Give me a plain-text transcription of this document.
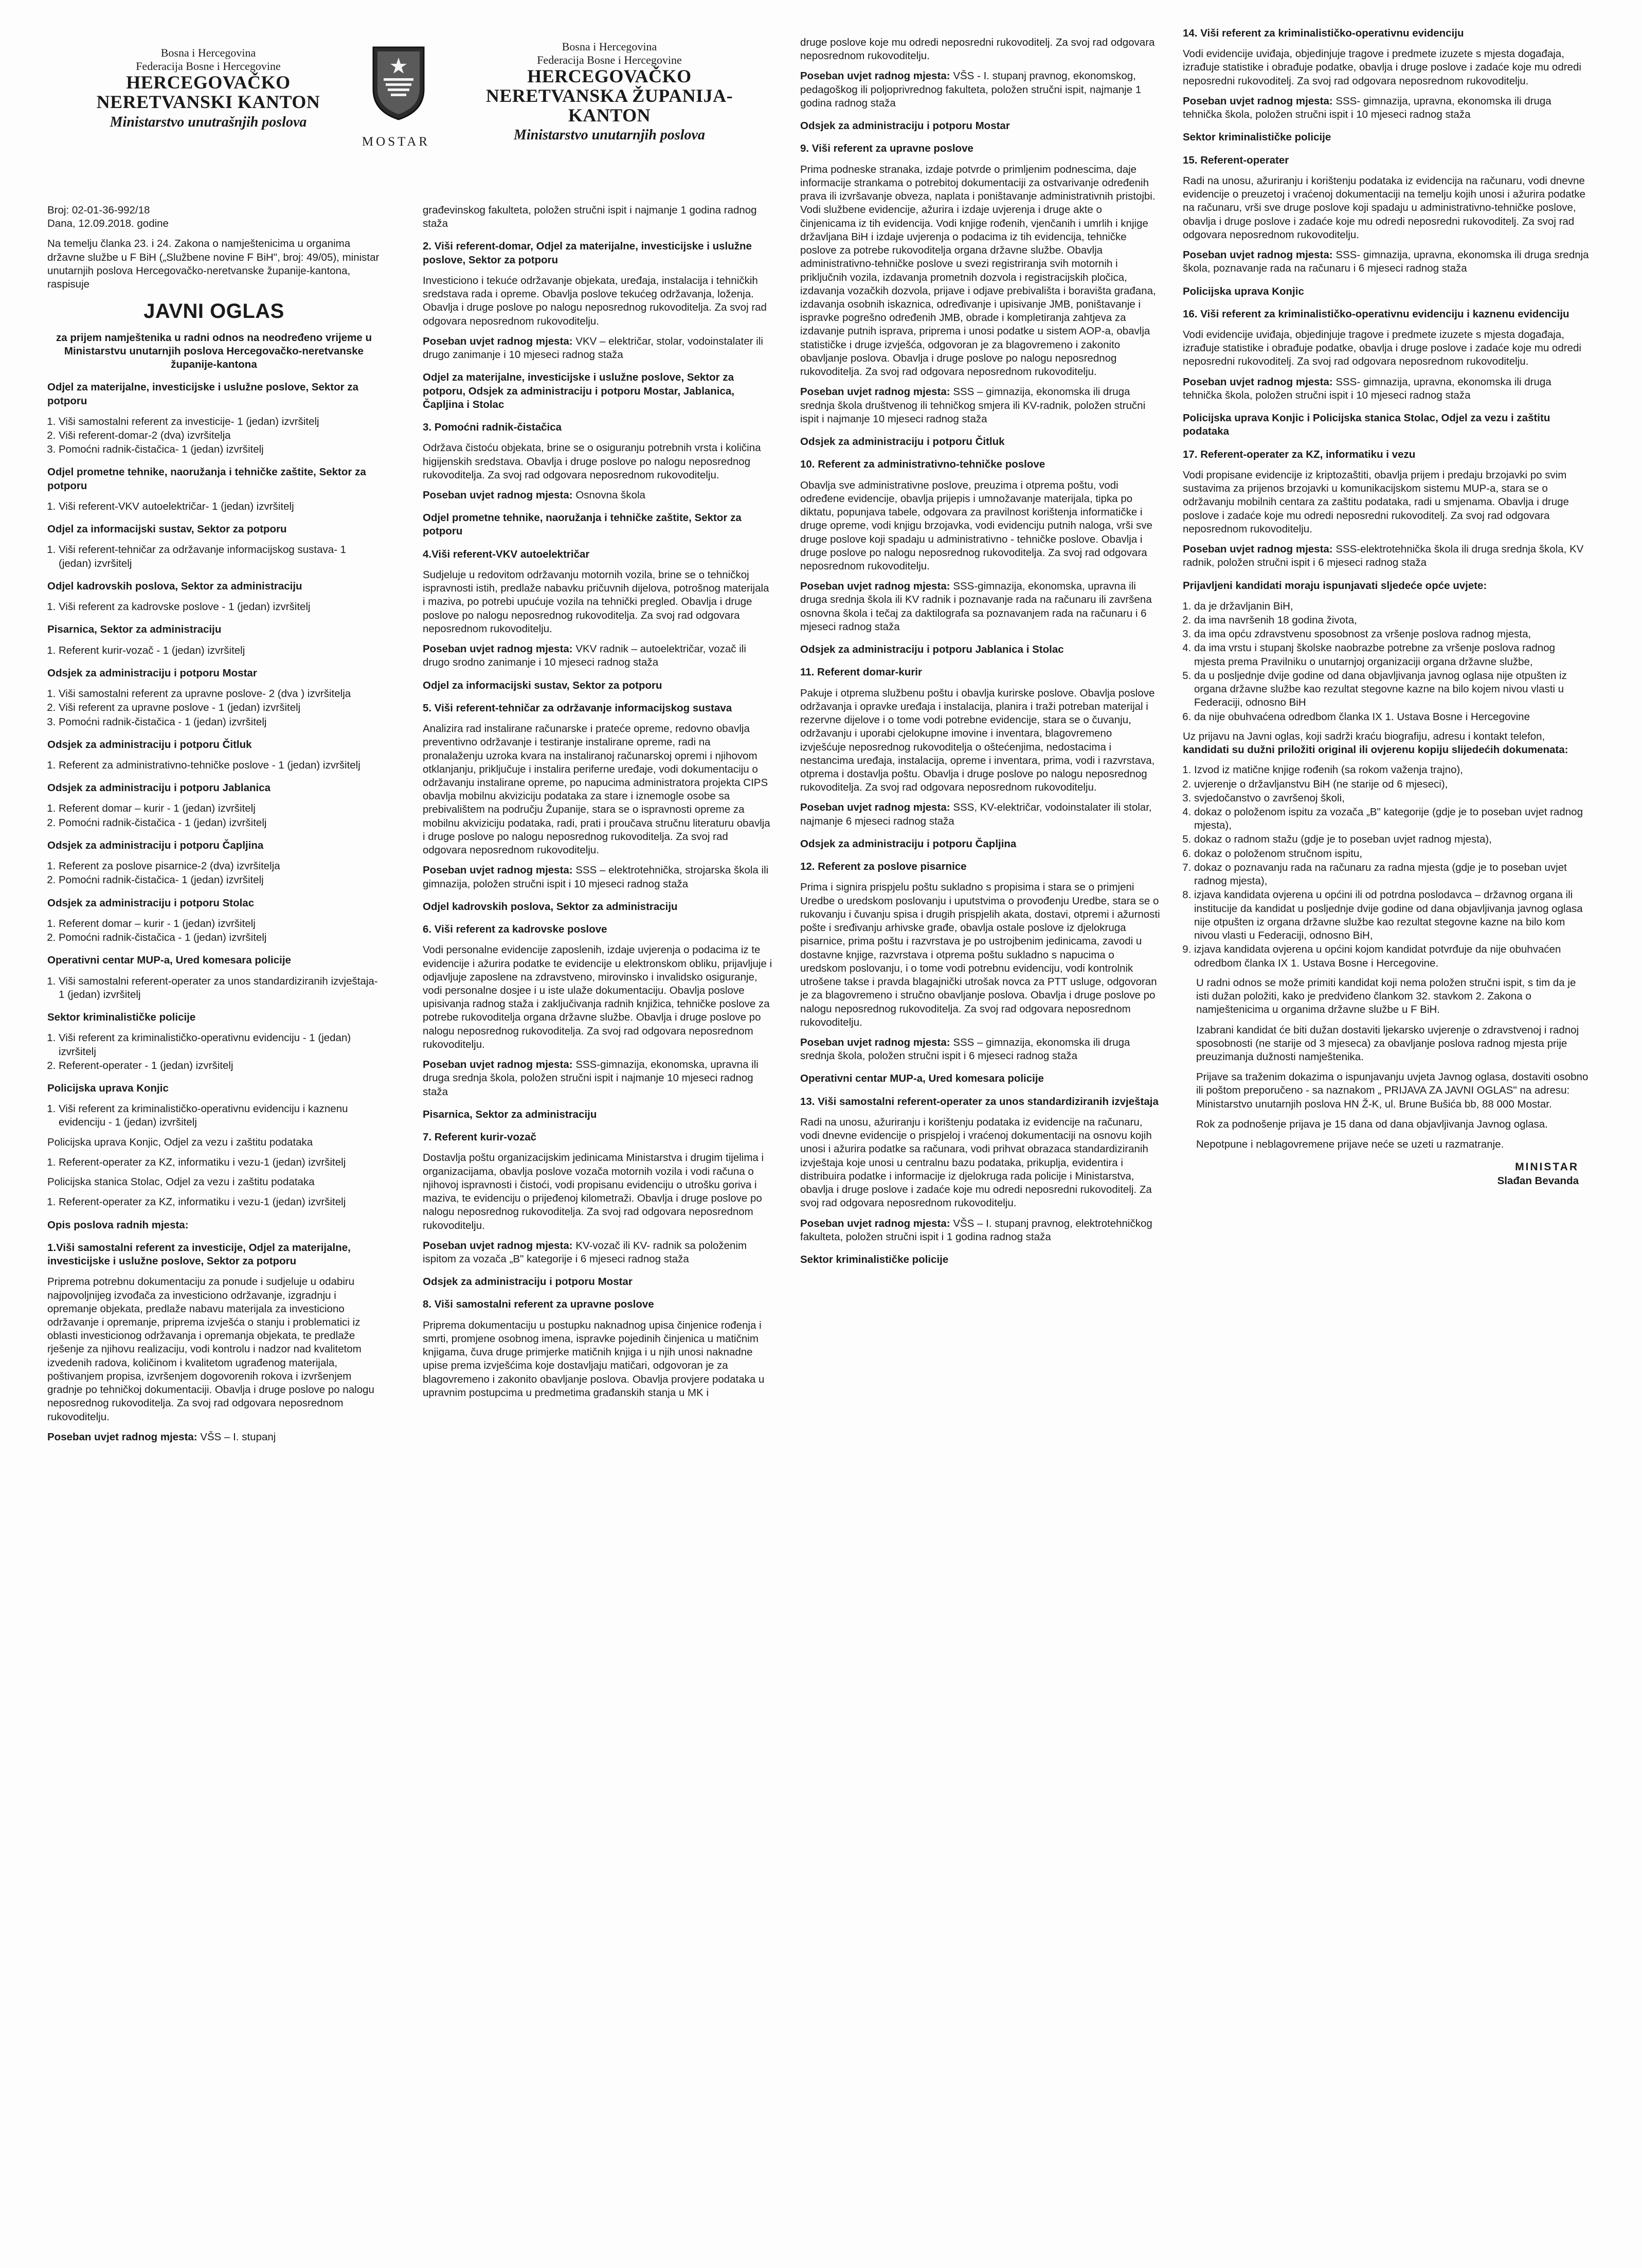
Bosna i Hercegovina
Federacija Bosne i Hercegovine
HERCEGOVAČKO NERETVANSKI KANTON
Ministarstvo unutrašnjih poslova
MOSTAR
Bosna i Hercegovina
Federacija Bosne i Hercegovine
HERCEGOVAČKO NERETVANSKA ŽUPANIJA-KANTON
Ministarstvo unutarnjih poslova

Broj: 02-01-36-992/18

Dana, 12.09.2018. godine

Na temelju članka 23. i 24. Zakona o namještenicima u organima državne službe u F BiH („Službene novine F BiH", broj: 49/05), ministar unutarnjih poslova Hercegovačko-neretvanske županije-kantona, raspisuje

JAVNI OGLAS
za prijem namještenika u radni odnos na neodređeno vrijeme u Ministarstvu unutarnjih poslova Hercegovačko-neretvanske županije-kantona

Odjel za materijalne, investicijske i uslužne poslove, Sektor za potporu

1. Viši samostalni referent za investicije- 1 (jedan) izvršitelj
2. Viši referent-domar-2 (dva) izvršitelja
3. Pomoćni radnik-čistačica- 1 (jedan) izvršitelj

Odjel prometne tehnike, naoružanja i tehničke zaštite, Sektor za potporu

1. Viši referent-VKV autoelektričar- 1 (jedan) izvršitelj

Odjel za informacijski sustav, Sektor za potporu

1. Viši referent-tehničar za održavanje informacijskog sustava- 1 (jedan) izvršitelj

Odjel kadrovskih poslova, Sektor za administraciju

1. Viši referent za kadrovske poslove - 1 (jedan) izvršitelj

Pisarnica, Sektor za administraciju

1. Referent kurir-vozač - 1 (jedan) izvršitelj

Odsjek za administraciju i potporu Mostar

1. Viši samostalni referent za upravne poslove- 2 (dva ) izvršitelja
2. Viši referent za upravne poslove - 1 (jedan) izvršitelj
3. Pomoćni radnik-čistačica - 1 (jedan) izvršitelj

Odsjek za administraciju i potporu Čitluk

1. Referent za administrativno-tehničke poslove - 1 (jedan) izvršitelj

Odsjek za administraciju i potporu Jablanica

1. Referent domar – kurir - 1 (jedan) izvršitelj
2. Pomoćni radnik-čistačica - 1 (jedan) izvršitelj

Odsjek za administraciju i potporu Čapljina

1. Referent za poslove pisarnice-2 (dva) izvršitelja
2. Pomoćni radnik-čistačica- 1 (jedan) izvršitelj

Odsjek za administraciju i potporu Stolac

1. Referent domar – kurir - 1 (jedan) izvršitelj
2. Pomoćni radnik-čistačica - 1 (jedan) izvršitelj

Operativni centar MUP-a, Ured komesara policije

1. Viši samostalni referent-operater za unos standardiziranih izvještaja- 1 (jedan) izvršitelj

Sektor kriminalističke policije

1. Viši referent za kriminalističko-operativnu evidenciju - 1 (jedan) izvršitelj
2. Referent-operater - 1 (jedan) izvršitelj

Policijska uprava Konjic

1. Viši referent za kriminalističko-operativnu evidenciju i kaznenu evidenciju - 1 (jedan) izvršitelj

Policijska uprava Konjic, Odjel za vezu i zaštitu podataka

1. Referent-operater za KZ, informatiku i vezu-1 (jedan) izvršitelj

Policijska stanica Stolac, Odjel za vezu i zaštitu podataka

1. Referent-operater za KZ, informatiku i vezu-1 (jedan) izvršitelj

Opis poslova radnih mjesta:

1.Viši samostalni referent za investicije, Odjel za materijalne, investicijske i uslužne poslove, Sektor za potporu

Pripremа potrebnu dokumentaciju za ponude i sudjeluje u odabiru najpovoljnijeg izvođača za investiciono održavanje, izgradnju i opremanje objekata, predlaže nabavu materijala za investiciono održavanje i opremanje, priprema izvješća o stanju i problematici iz oblasti investicionog održavanja i opremanja objekata, te predlaže rješenje za njihovu realizaciju, vodi kontrolu i nadzor nad kvalitetom izvedenih radova, količinom i kvalitetom ugrađenog materijala, poštivanjem propisa, izvršenjem dogovorenih rokova i izvršenjem gradnje po tehničkoj dokumentaciji. Obavlja i druge poslove po nalogu neposrednog rukovoditelja. Za svoj rad odgovara neposrednom rukovoditelju.

Poseban uvjet radnog mjesta: VŠS – I. stupanj

građevinskog fakulteta, položen stručni ispit i najmanje 1 godina radnog staža

2. Viši referent-domar, Odjel za materijalne, investicijske i uslužne poslove, Sektor za potporu

Investiciono i tekuće održavanje objekata, uređaja, instalacija i tehničkih sredstava rada i opreme. Obavlja poslove tekućeg održavanja, loženja. Obavlja i druge poslove po nalogu neposrednog rukovoditelja. Za svoj rad odgovara neposrednom rukovoditelju.

Poseban uvjet radnog mjesta: VKV – električar, stolar, vodoinstalater ili drugo zanimanje i 10 mjeseci radnog staža

Odjel za materijalne, investicijske i uslužne poslove, Sektor za potporu, Odsjek za administraciju i potporu Mostar, Jablanica, Čapljina i Stolac

3. Pomoćni radnik-čistačica

Održava čistoću objekata, brine se o osiguranju potrebnih vrsta i količina higijenskih sredstava. Obavlja i druge poslove po nalogu neposrednog rukovoditelja. Za svoj rad odgovara neposrednom rukovoditelju.

Poseban uvjet radnog mjesta: Osnovna škola

Odjel prometne tehnike, naoružanja i tehničke zaštite, Sektor za potporu

4.Viši referent-VKV autoelektričar

Sudjeluje u redovitom održavanju motornih vozila, brine se o tehničkoj ispravnosti istih, predlaže nabavku pričuvnih dijelova, potrošnog materijala i maziva, po potrebi upućuje vozila na tehnički pregled. Obavlja i druge poslove po nalogu neposrednog rukovoditelja. Za svoj rad odgovara neposrednom rukovoditelju.

Poseban uvjet radnog mjesta: VKV radnik – autoelektričar, vozač ili drugo srodno zanimanje i 10 mjeseci radnog staža

Odjel za informacijski sustav, Sektor za potporu

5. Viši referent-tehničar za održavanje informacijskog sustava

Analizira rad instalirane računarske i prateće opreme, redovno obavlja preventivno održavanje i testiranje instalirane opreme, radi na pronalaženju uzroka kvara na instaliranoj računarskoj opremi i njihovom otklanjanju, priključuje i instalira periferne uređaje, vodi dokumentaciju o održavanju instalirane opreme, po napucima administratora projekta CIPS obavlja mobilnu akviziciju podataka za stare i iznemogle osobe sa prebivalištem na području Županije, stara se o ispravnosti opreme za mobilnu akviziciju podataka, radi, prati i proučava stručnu literaturu obavlja i druge poslove po nalogu neposrednog rukovoditelja. Za svoj rad odgovara neposrednom rukovoditelju.

Poseban uvjet radnog mjesta: SSS – elektrotehnička, strojarska škola ili gimnazija, položen stručni ispit i 10 mjeseci radnog staža

Odjel kadrovskih poslova, Sektor za administraciju

6. Viši referent za kadrovske poslove

Vodi personalne evidencije zaposlenih, izdaje uvjerenja o podacima iz te evidencije i ažurira podatke te evidencije u elektronskom obliku, prijavljuje i odjavljuje zaposlene na zdravstveno, mirovinsko i invalidsko osiguranje, vodi personalne dosjee i u iste ulaže dokumentaciju. Obavlja poslove upisivanja radnog staža i zaključivanja radnih knjižica, tehničke poslove za potrebe rukovoditelja organa državne službe. Obavlja i druge poslove po nalogu neposrednog rukovoditelja. Za svoj rad odgovara neposrednom rukovoditelju.

Poseban uvjet radnog mjesta: SSS-gimnazija, ekonomska, upravna ili druga srednja škola, položen stručni ispit i najmanje 10 mjeseci radnog staža

Pisarnica, Sektor za administraciju

7. Referent kurir-vozač

Dostavlja poštu organizacijskim jedinicama Ministarstva i drugim tijelima i organizacijama, obavlja poslove vozača motornih vozila i vodi računa o njihovoj ispravnosti i čistoći, vodi propisanu evidenciju o utrošku goriva i maziva, te evidenciju o prijeđenoj kilometraži. Obavlja i druge poslove po nalogu neposrednog rukovoditelja. Za svoj rad odgovara neposrednom rukovoditelju.

Poseban uvjet radnog mjesta: KV-vozač ili KV- radnik sa položenim ispitom za vozača „B" kategorije i 6 mjeseci radnog staža

Odsjek za administraciju i potporu Mostar

8. Viši samostalni referent za upravne poslove

Priprema dokumentaciju u postupku naknadnog upisa činjenice rođenja i smrti, promjene osobnog imena, ispravke pojedinih činjenica u matičnim knjigama, čuva druge primjerke matičnih knjiga i u njih unosi naknadne upise prema izvješćima koje dostavljaju matičari, odgovoran je za blagovremeno i zakonito obavljanje poslova. Obavlja provjere podataka u upravnim postupcima u predmetima građanskih stanja u MK i

druge poslove koje mu odredi neposredni rukovoditelj. Za svoj rad odgovara neposrednom rukovoditelju.

Poseban uvjet radnog mjesta: VŠS - I. stupanj pravnog, ekonomskog, pedagoškog ili poljoprivrednog fakulteta, položen stručni ispit, najmanje 1 godina radnog staža

Odsjek za administraciju i potporu Mostar

9. Viši referent za upravne poslove

Prima podneske stranaka, izdaje potvrde o primljenim podnescima, daje informacije strankama o potrebitoj dokumentaciji za ostvarivanje određenih prava ili izvršavanje obveza, naplata i poništavanje administrativnih pristojbi. Vodi službene evidencije, ažurira i izdaje uvjerenja i druge akte o činjenicama iz tih evidencija. Vodi knjige rođenih, vjenčanih i umrlih i knjige državljana BiH i izdaje uvjerenja o podacima iz tih evidencija, tehničke poslove za potrebe rukovoditelja organa državne službe. Obavlja administrativno-tehničke poslove u svezi registriranja svih motornih i priključnih vozila, izdavanja prometnih dozvola i registracijskih pločica, izdavanja vozačkih dozvola, prijave i odjave prebivališta i boravišta građana, izdavanja osobnih iskaznica, određivanje i upisivanje JMB, poništavanje i ispravke pogrešno određenih JMB, obrade i kompletiranja zahtjeva za izdavanje putnih isprava, priprema i unosi podatke u sistem AOP-a, obavlja statističke i druge izvješća, odgovoran je za blagovremeno i zakonito obavljanje poslova. Obavlja i druge poslove po nalogu neposrednog rukovoditelja. Za svoj rad odgovara neposrednom rukovoditelju.

Poseban uvjet radnog mjesta: SSS – gimnazija, ekonomska ili druga srednja škola društvenog ili tehničkog smjera ili KV-radnik, položen stručni ispit i najmanje 10 mjeseci radnog staža

Odsjek za administraciju i potporu Čitluk

10. Referent za administrativno-tehničke poslove

Obavlja sve administrativne poslove, preuzima i otprema poštu, vodi određene evidencije, obavlja prijepis i umnožavanje materijala, tipka po diktatu, popunjava tabele, odgovara za pravilnost korištenja informatičke i druge opreme, vodi knjigu brzojavka, vodi evidenciju putnih naloga, vrši sve druge poslove koji spadaju u administrativno - tehničke poslove. Obavlja i druge poslove po nalogu neposrednog rukovoditelja. Za svoj rad odgovara neposrednom rukovoditelju.

Poseban uvjet radnog mjesta: SSS-gimnazija, ekonomska, upravna ili druga srednja škola ili KV radnik i poznavanje rada na računaru ili završena osnovna škola i tečaj za daktilografa sa poznavanjem rada na računaru i 6 mjeseci radnog staža

Odsjek za administraciju i potporu Jablanica i Stolac

11. Referent domar-kurir

Pakuje i otprema službenu poštu i obavlja kurirske poslove. Obavlja poslove održavanja i opravke uređaja i instalacija, planira i traži potreban materijal i rezervne dijelove i o tome vodi potrebne evidencije, stara se o čuvanju, održavanju i uporabi cjelokupne imovine i inventara, blagovremeno izvješćuje neposrednog rukovoditelja o oštećenjima, nedostacima i nestancima uređaja, instalacija, opreme i inventara, prima, vodi i razvrstava, otprema i dostavlja poštu. Obavlja i druge poslove po nalogu neposrednog rukovoditelja. Za svoj rad odgovara neposrednom rukovoditelju.

Poseban uvjet radnog mjesta: SSS, KV-električar, vodoinstalater ili stolar, najmanje 6 mjeseci radnog staža

Odsjek za administraciju i potporu Čapljina

12. Referent za poslove pisarnice

Prima i signira prispjelu poštu sukladno s propisima i stara se o primjeni Uredbe o uredskom poslovanju i uputstvima o provođenju Uredbe, stara se o rukovanju i čuvanju spisa i drugih prispjelih akata, dostavi, otpremi i ažurnosti pošte i sređivanju arhivske građe, obavlja ostale poslove iz djelokruga pisarnice, prima poštu i razvrstava je po ustrojbenim jedinicama, zavodi u dostavne knjige, razvrstava i otprema poštu sukladno s napucima o uredskom poslovanju, i o tome vodi potrebnu evidenciju, vodi kontrolnik utrošene takse i pravda blagajnički utrošak novca za PTT usluge, odgovoran je za blagovremeno i stručno obavljanje poslova. Obavlja i druge poslove po nalogu neposrednog rukovoditelja. Za svoj rad odgovara neposrednom rukovoditelju.

Poseban uvjet radnog mjesta: SSS – gimnazija, ekonomska ili druga srednja škola, položen stručni ispit i 6 mjeseci radnog staža

Operativni centar MUP-a, Ured komesara policije

13. Viši samostalni referent-operater za unos standardiziranih izvještaja

Radi na unosu, ažuriranju i korištenju podataka iz evidencije na računaru, vodi dnevne evidencije o prispjelоj i vraćenoj dokumentaciji na osnovu kojih unosi i ažurira podatke sa računara, vodi prihvat obrazaca standardiziranih izvještaja koje unosi u centralnu bazu podataka, prikuplja, evidentira i distribuira podatke i informacije iz djelokruga rada policije i Ministarstva, obavlja i druge poslove i zadaće koje mu odredi neposredni rukovoditelj. Za svoj rad odgovara neposrednom rukovoditelju.

Poseban uvjet radnog mjesta: VŠS – I. stupanj pravnog, elektrotehničkog fakulteta, položen stručni ispit i 1 godina radnog staža

Sektor kriminalističke policije

14. Viši referent za kriminalističko-operativnu evidenciju

Vodi evidencije uviđaja, objedinjuje tragove i predmete izuzete s mjesta događaja, izrađuje statistike i obrađuje podatke, obavlja i druge poslove i zadaće koje mu odredi neposredni rukovoditelj. Za svoj rad odgovara neposrednom rukovoditelju.

Poseban uvjet radnog mjesta: SSS- gimnazija, upravna, ekonomska ili druga tehnička škola, položen stručni ispit i 10 mjeseci radnog staža

Sektor kriminalističke policije

15. Referent-operater

Radi na unosu, ažuriranju i korištenju podataka iz evidencija na računaru, vodi dnevne evidencije o preuzetoj i vraćenoj dokumentaciji na temelju kojih unosi i ažurira podatke na računaru, vrši sve druge poslove koji spadaju u administrativno-tehničke poslove, obavlja i druge poslove i zadaće koje mu odredi neposredni rukovoditelj. Za svoj rad odgovara neposrednom rukovoditelju.

Poseban uvjet radnog mjesta: SSS- gimnazija, upravna, ekonomska ili druga srednja škola, poznavanje rada na računaru i 6 mjeseci radnog staža

Policijska uprava Konjic

16. Viši referent za kriminalističko-operativnu evidenciju i kaznenu evidenciju

Vodi evidencije uviđaja, objedinjuje tragove i predmete izuzete s mjesta događaja, izrađuje statistike i obrađuje podatke, obavlja i druge poslove i zadaće koje mu odredi neposredni rukovoditelj. Za svoj rad odgovara neposrednom rukovoditelju.

Poseban uvjet radnog mjesta: SSS- gimnazija, upravna, ekonomska ili druga tehnička škola, položen stručni ispit i 10 mjeseci radnog staža

Policijska uprava Konjic i Policijska stanica Stolac, Odjel za vezu i zaštitu podataka

17. Referent-operater za KZ, informatiku i vezu

Vodi propisane evidencije iz kriptozaštiti, obavlja prijem i predaju brzojavki po svim sustavima za prijenos brzojavki u komunikacijskom sistemu MUP-a, stara se o održavanju mobilnih centara za zaštitu podataka, radi u smjenama. Obavlja i druge poslove i zadaće koje mu odredi neposredni rukovoditelj. Za svoj rad odgovara neposrednom rukovoditelju.

Poseban uvjet radnog mjesta: SSS-elektrotehnička škola ili druga srednja škola, KV radnik, položen stručni ispit i 6 mjeseci radnog staža

Prijavljeni kandidati moraju ispunjavati sljedeće opće uvjete:

1. da je državljanin BiH,
2. da ima navršenih 18 godina života,
3. da ima opću zdravstvenu sposobnost za vršenje poslova radnog mjesta,
4. da ima vrstu i stupanj školske naobrazbe potrebne za vršenje poslova radnog mjesta prema Pravilniku o unutarnjoj organizaciji organa državne službe,
5. da u posljednje dvije godine od dana objavljivanja javnog oglasa nije otpušten iz organa državne službe kao rezultat stegovne kazne na bilo kojem nivou vlasti u Federaciji, odnosno BiH
6. da nije obuhvaćena odredbom članka IX 1. Ustava Bosne i Hercegovine

Uz prijavu na Javni oglas, koji sadrži kraću biografiju, adresu i kontakt telefon, kandidati su dužni priložiti original ili ovjerenu kopiju slijedećih dokumenata:

1. Izvod iz matične knjige rođenih (sa rokom važenja trajno),
2. uvjerenje o državljanstvu BiH (ne starije od 6 mjeseci),
3. svjedočanstvo o završenoj školi,
4. dokaz o položenom ispitu za vozača „B" kategorije (gdje je to poseban uvjet radnog mjesta),
5. dokaz o radnom stažu (gdje je to poseban uvjet radnog mjesta),
6. dokaz o položenom stručnom ispitu,
7. dokaz o poznavanju rada na računaru za radna mjesta (gdje je to poseban uvjet radnog mjesta),
8. izjava kandidata ovjerena u općini ili od potrdna poslodavca – državnog organa ili institucije da kandidat u posljednje dvije godine od dana objavljivanja javnog oglasa nije otpušten iz organa državne službe kao rezultat stegovne kazne na bilo kom nivou vlasti u Federaciji, odnosno BiH,
9. izjava kandidata ovjerena u općini kojom kandidat potvrđuje da nije obuhvaćen odredbom članka IX 1. Ustava Bosne i Hercegovine.

U radni odnos se može primiti kandidat koji nema položen stručni ispit, s tim da je isti dužan položiti, kako je predviđeno člankom 32. stavkom 2. Zakona o namještenicima u organima državne službe u F BiH.

Izabrani kandidat će biti dužan dostaviti ljekarsko uvjerenje o zdravstvenoj i radnoj sposobnosti (ne starije od 3 mjeseca) za obavljanje poslova radnog mjesta prije preuzimanja dužnosti namještenika.

Prijave sa traženim dokazima o ispunjavanju uvjeta Javnog oglasa, dostaviti osobno ili poštom preporučeno - sa naznakom „ PRIJAVA ZA JAVNI OGLAS" na adresu: Ministarstvo unutarnjih poslova HN Ž-K, ul. Brune Bušića bb, 88 000 Mostar.

Rok za podnošenje prijava je 15 dana od dana objavljivanja Javnog oglasa.

Nepotpune i neblagovremene prijave neće se uzeti u razmatranje.

MINISTAR
Slađan Bevanda
